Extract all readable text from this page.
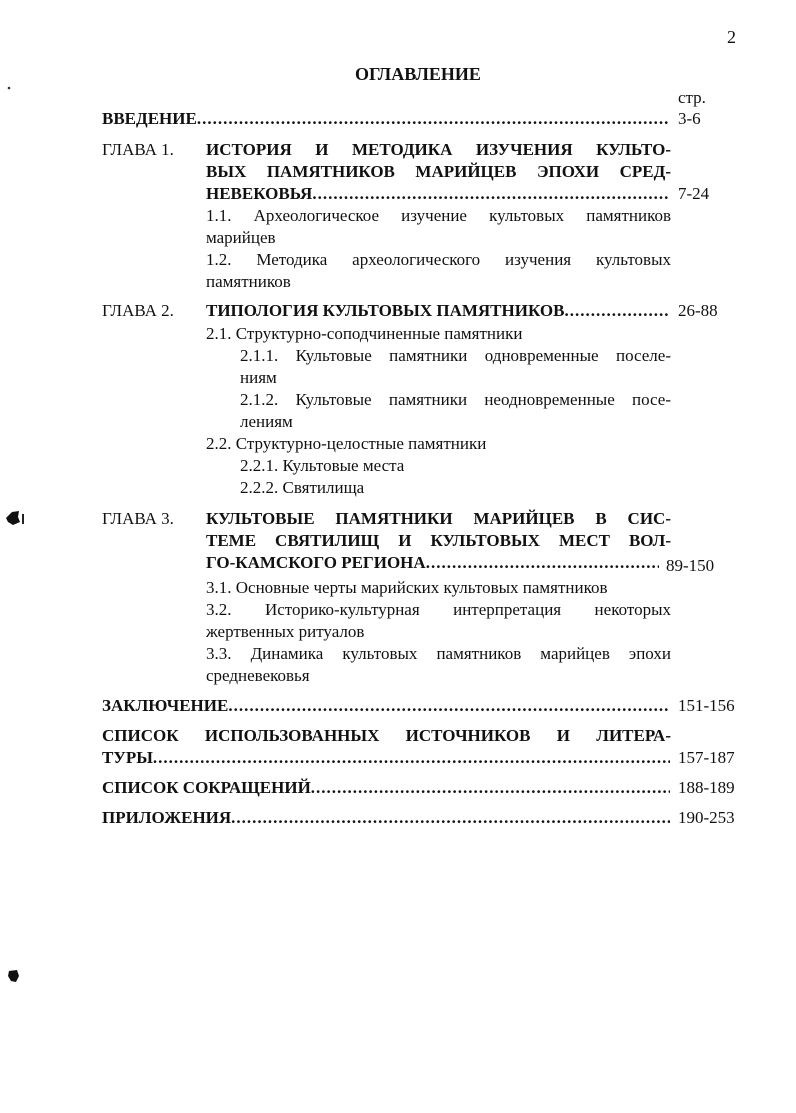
2
ОГЛАВЛЕНИЕ
стр.
ВВЕДЕНИЕ .....	3-6
ГЛАВА 1. ИСТОРИЯ И МЕТОДИКА ИЗУЧЕНИЯ КУЛЬТО-
ВЫХ ПАМЯТНИКОВ МАРИЙЦЕВ ЭПОХИ СРЕД-
НЕВЕКОВЬЯ .....	7-24
1.1. Археологическое изучение культовых памятников
марийцев
1.2. Методика археологического изучения культовых
памятников
ГЛАВА 2. ТИПОЛОГИЯ КУЛЬТОВЫХ ПАМЯТНИКОВ .....	26-88
2.1. Структурно-соподчиненные памятники
2.1.1. Культовые памятники одновременные поселе-
ниям
2.1.2. Культовые памятники неодновременные посе-
лениям
2.2. Структурно-целостные памятники
2.2.1. Культовые места
2.2.2. Святилища
ГЛАВА 3. КУЛЬТОВЫЕ ПАМЯТНИКИ МАРИЙЦЕВ В СИС-
ТЕМЕ СВЯТИЛИЩ И КУЛЬТОВЫХ МЕСТ ВОЛ-
ГО-КАМСКОГО РЕГИОНА .....	89-150
3.1. Основные черты марийских культовых памятников
3.2. Историко-культурная интерпретация некоторых
жертвенных ритуалов
3.3. Динамика культовых памятников марийцев эпохи
средневековья
ЗАКЛЮЧЕНИЕ .....	151-156
СПИСОК ИСПОЛЬЗОВАННЫХ ИСТОЧНИКОВ И ЛИТЕРА-
ТУРЫ .....	157-187
СПИСОК СОКРАЩЕНИЙ .....	188-189
ПРИЛОЖЕНИЯ .....	190-253
